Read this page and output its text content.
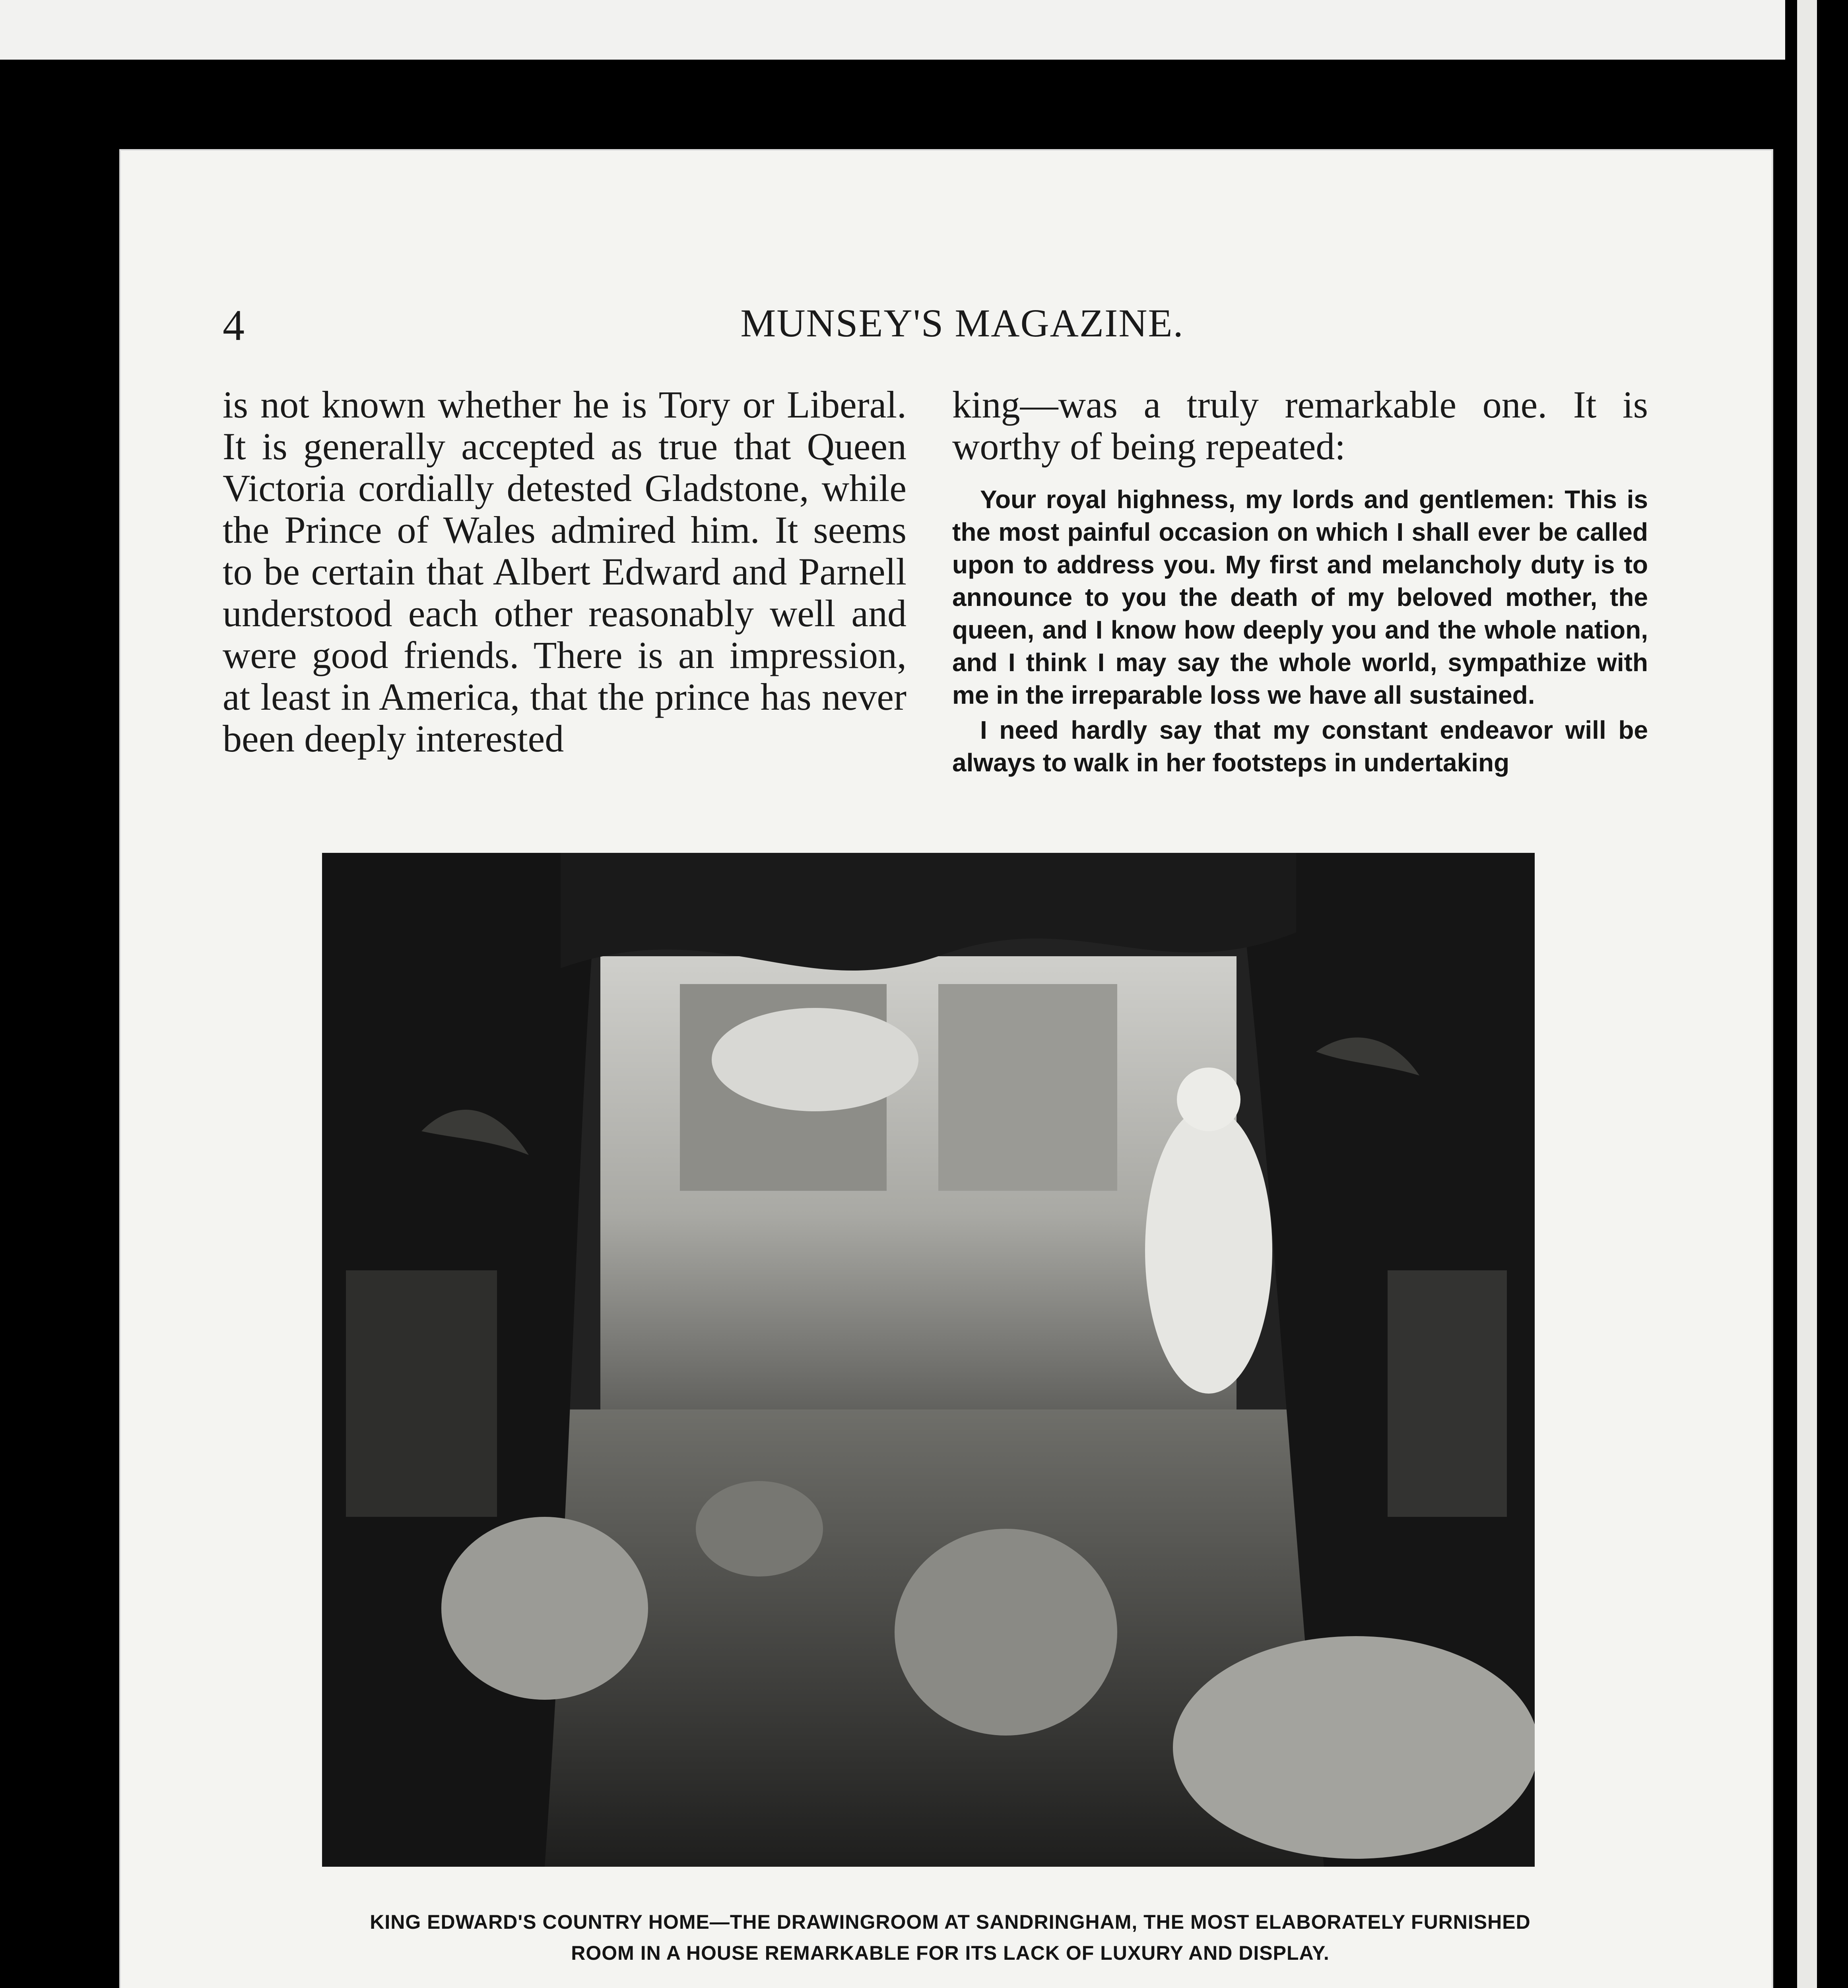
4	MUNSEY'S MAGAZINE.

is not known whether he is Tory or Liberal. It is generally accepted as true that Queen Victoria cordially detested Gladstone, while the Prince of Wales admired him. It seems to be certain that Albert Edward and Parnell understood each other reasonably well and were good friends. There is an impression, at least in America, that the prince has never been deeply interested

king—was a truly remarkable one. It is worthy of being repeated:

Your royal highness, my lords and gentlemen: This is the most painful occasion on which I shall ever be called upon to address you. My first and melancholy duty is to announce to you the death of my beloved mother, the queen, and I know how deeply you and the whole nation, and I think I may say the whole world, sympathize with me in the irreparable loss we have all sustained.

I need hardly say that my constant endeavor will be always to walk in her footsteps in undertaking

KING EDWARD'S COUNTRY HOME—THE DRAWINGROOM AT SANDRINGHAM, THE MOST ELABORATELY FURNISHED
ROOM IN A HOUSE REMARKABLE FOR ITS LACK OF LUXURY AND DISPLAY.
